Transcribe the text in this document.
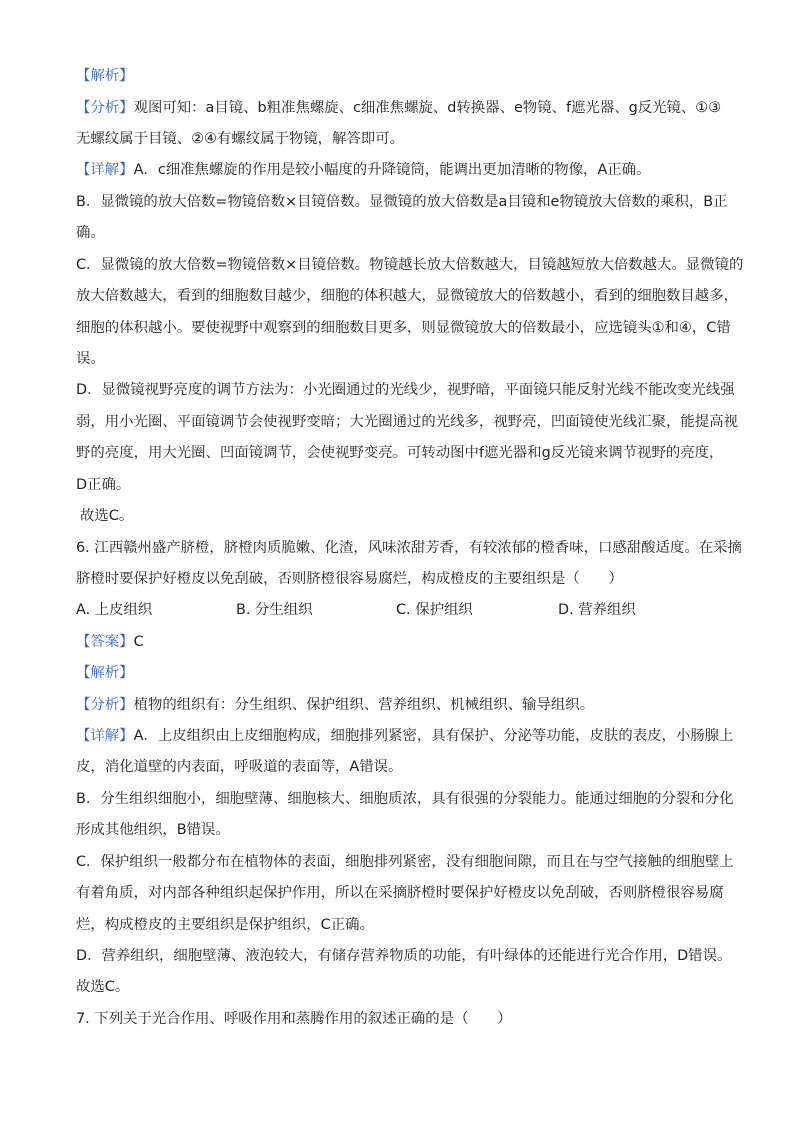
【解析】
【分析】观图可知：a目镜、b粗准焦螺旋、c细准焦螺旋、d转换器、e物镜、f遮光器、g反光镜、①③
无螺纹属于目镜、②④有螺纹属于物镜，解答即可。
【详解】A．c细准焦螺旋的作用是较小幅度的升降镜筒，能调出更加清晰的物像，A正确。
B．显微镜的放大倍数=物镜倍数×目镜倍数。显微镜的放大倍数是a目镜和e物镜放大倍数的乘积，B正
确。
C．显微镜的放大倍数=物镜倍数×目镜倍数。物镜越长放大倍数越大，目镜越短放大倍数越大。显微镜的
放大倍数越大，看到的细胞数目越少，细胞的体积越大，显微镜放大的倍数越小，看到的细胞数目越多，
细胞的体积越小。要使视野中观察到的细胞数目更多，则显微镜放大的倍数最小，应选镜头①和④，C错
误。
D．显微镜视野亮度的调节方法为：小光圈通过的光线少，视野暗，平面镜只能反射光线不能改变光线强
弱，用小光圈、平面镜调节会使视野变暗；大光圈通过的光线多，视野亮，凹面镜使光线汇聚，能提高视
野的亮度，用大光圈、凹面镜调节，会使视野变亮。可转动图中f遮光器和g反光镜来调节视野的亮度，
D正确。
故选C。
6. 江西赣州盛产脐橙，脐橙肉质脆嫩、化渣，风味浓甜芳香，有较浓郁的橙香味，口感甜酸适度。在采摘
脐橙时要保护好橙皮以免刮破，否则脐橙很容易腐烂，构成橙皮的主要组织是（　　）
A. 上皮组织	B. 分生组织	C. 保护组织	D. 营养组织
【答案】C
【解析】
【分析】植物的组织有：分生组织、保护组织、营养组织、机械组织、输导组织。
【详解】A．上皮组织由上皮细胞构成，细胞排列紧密，具有保护、分泌等功能，皮肤的表皮，小肠腺上
皮，消化道壁的内表面，呼吸道的表面等，A错误。
B．分生组织细胞小，细胞壁薄、细胞核大、细胞质浓，具有很强的分裂能力。能通过细胞的分裂和分化
形成其他组织，B错误。
C．保护组织一般都分布在植物体的表面，细胞排列紧密，没有细胞间隙，而且在与空气接触的细胞壁上
有着角质，对内部各种组织起保护作用，所以在采摘脐橙时要保护好橙皮以免刮破，否则脐橙很容易腐
烂，构成橙皮的主要组织是保护组织，C正确。
D．营养组织，细胞壁薄、液泡较大，有储存营养物质的功能，有叶绿体的还能进行光合作用，D错误。
故选C。
7. 下列关于光合作用、呼吸作用和蒸腾作用的叙述正确的是（　　）
